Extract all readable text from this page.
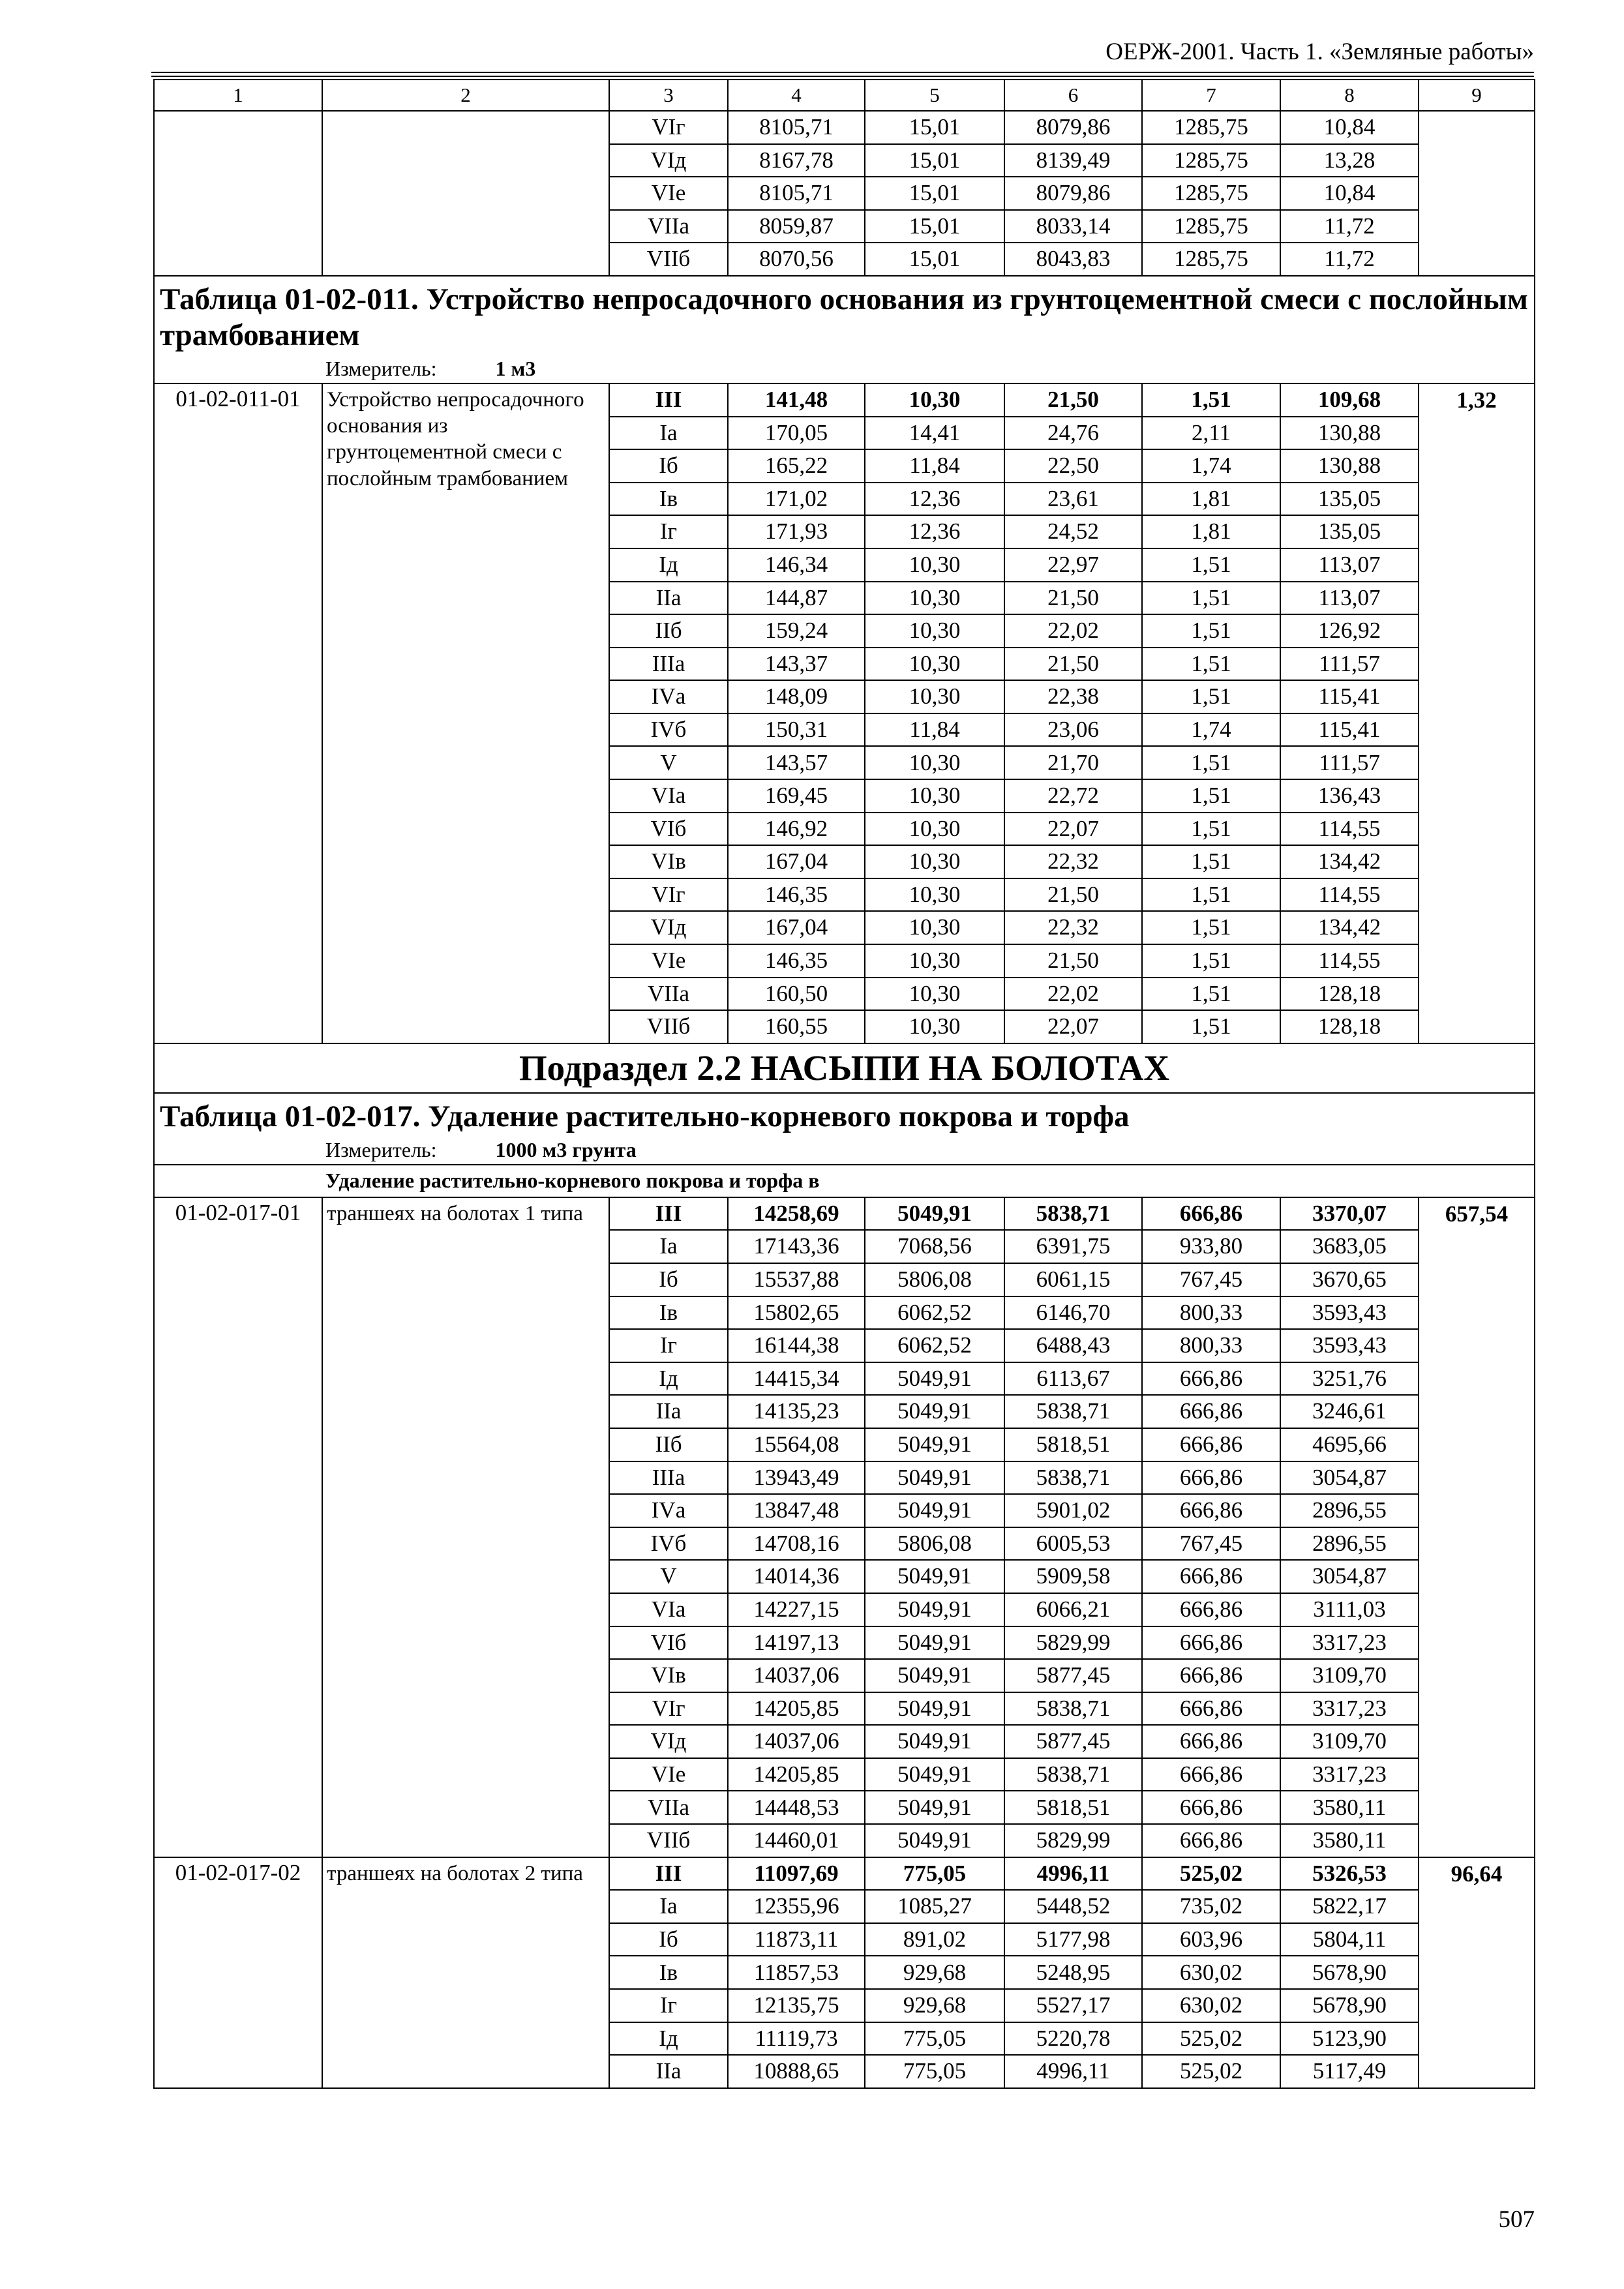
ОЕРЖ-2001. Часть 1. «Земляные работы»
1	2	3	4	5	6	7	8	9
		VIг	8105,71	15,01	8079,86	1285,75	10,84	
		VIд	8167,78	15,01	8139,49	1285,75	13,28	
		VIе	8105,71	15,01	8079,86	1285,75	10,84	
		VIIа	8059,87	15,01	8033,14	1285,75	11,72	
		VIIб	8070,56	15,01	8043,83	1285,75	11,72	
Таблица 01-02-011. Устройство непросадочного основания из грунтоцементной смеси с послойным трамбованием								
Измеритель: 1 м3								
01-02-011-01	Устройство непросадочного основания из грунтоцементной смеси с послойным трамбованием	III	141,48	10,30	21,50	1,51	109,68	1,32
		Iа	170,05	14,41	24,76	2,11	130,88	
		Iб	165,22	11,84	22,50	1,74	130,88	
		Iв	171,02	12,36	23,61	1,81	135,05	
		Iг	171,93	12,36	24,52	1,81	135,05	
		Iд	146,34	10,30	22,97	1,51	113,07	
		IIа	144,87	10,30	21,50	1,51	113,07	
		IIб	159,24	10,30	22,02	1,51	126,92	
		IIIа	143,37	10,30	21,50	1,51	111,57	
		IVа	148,09	10,30	22,38	1,51	115,41	
		IVб	150,31	11,84	23,06	1,74	115,41	
		V	143,57	10,30	21,70	1,51	111,57	
		VIа	169,45	10,30	22,72	1,51	136,43	
		VIб	146,92	10,30	22,07	1,51	114,55	
		VIв	167,04	10,30	22,32	1,51	134,42	
		VIг	146,35	10,30	21,50	1,51	114,55	
		VIд	167,04	10,30	22,32	1,51	134,42	
		VIе	146,35	10,30	21,50	1,51	114,55	
		VIIа	160,50	10,30	22,02	1,51	128,18	
		VIIб	160,55	10,30	22,07	1,51	128,18	
Подраздел 2.2 НАСЫПИ НА БОЛОТАХ								
Таблица 01-02-017. Удаление растительно-корневого покрова и торфа								
Измеритель: 1000 м3 грунта								
Удаление растительно-корневого покрова и торфа в								
01-02-017-01	траншеях на болотах 1 типа	III	14258,69	5049,91	5838,71	666,86	3370,07	657,54
		Iа	17143,36	7068,56	6391,75	933,80	3683,05	
		Iб	15537,88	5806,08	6061,15	767,45	3670,65	
		Iв	15802,65	6062,52	6146,70	800,33	3593,43	
		Iг	16144,38	6062,52	6488,43	800,33	3593,43	
		Iд	14415,34	5049,91	6113,67	666,86	3251,76	
		IIа	14135,23	5049,91	5838,71	666,86	3246,61	
		IIб	15564,08	5049,91	5818,51	666,86	4695,66	
		IIIа	13943,49	5049,91	5838,71	666,86	3054,87	
		IVа	13847,48	5049,91	5901,02	666,86	2896,55	
		IVб	14708,16	5806,08	6005,53	767,45	2896,55	
		V	14014,36	5049,91	5909,58	666,86	3054,87	
		VIа	14227,15	5049,91	6066,21	666,86	3111,03	
		VIб	14197,13	5049,91	5829,99	666,86	3317,23	
		VIв	14037,06	5049,91	5877,45	666,86	3109,70	
		VIг	14205,85	5049,91	5838,71	666,86	3317,23	
		VIд	14037,06	5049,91	5877,45	666,86	3109,70	
		VIе	14205,85	5049,91	5838,71	666,86	3317,23	
		VIIа	14448,53	5049,91	5818,51	666,86	3580,11	
		VIIб	14460,01	5049,91	5829,99	666,86	3580,11	
01-02-017-02	траншеях на болотах 2 типа	III	11097,69	775,05	4996,11	525,02	5326,53	96,64
		Iа	12355,96	1085,27	5448,52	735,02	5822,17	
		Iб	11873,11	891,02	5177,98	603,96	5804,11	
		Iв	11857,53	929,68	5248,95	630,02	5678,90	
		Iг	12135,75	929,68	5527,17	630,02	5678,90	
		Iд	11119,73	775,05	5220,78	525,02	5123,90	
		IIа	10888,65	775,05	4996,11	525,02	5117,49	
507
